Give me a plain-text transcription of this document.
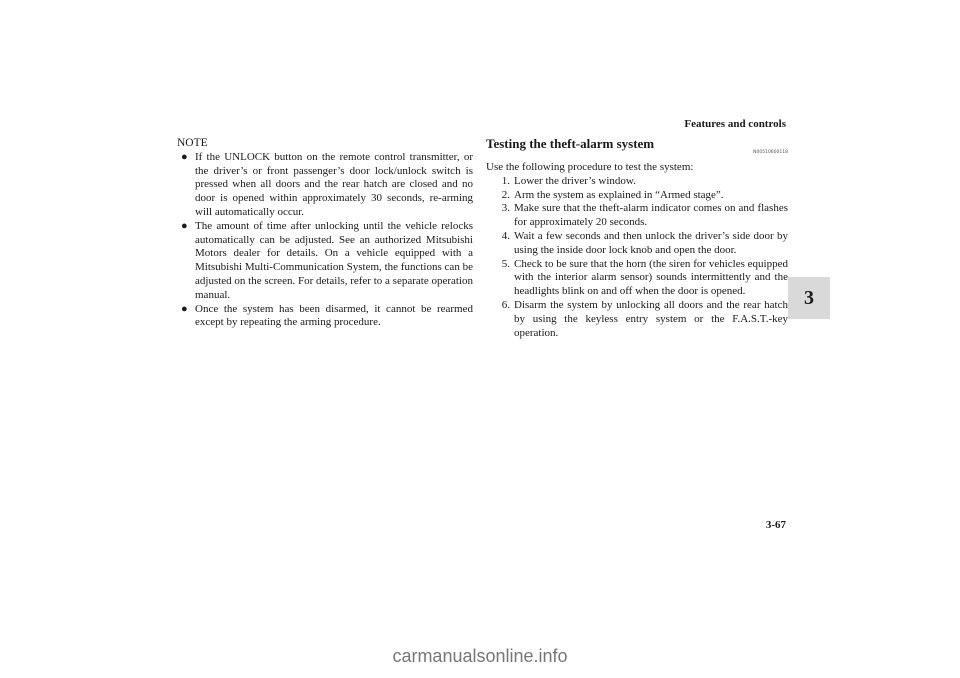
Features and controls
3
NOTE
● If the UNLOCK button on the remote control transmitter, or the driver’s or front passenger’s door lock/unlock switch is pressed when all doors and the rear hatch are closed and no door is opened within approximately 30 seconds, re-arming will automatically occur.
● The amount of time after unlocking until the vehicle relocks automatically can be adjusted. See an authorized Mitsubishi Motors dealer for details. On a vehicle equipped with a Mitsubishi Multi-Communication System, the functions can be adjusted on the screen. For details, refer to a separate operation manual.
● Once the system has been disarmed, it cannot be rearmed except by repeating the arming procedure.
Testing the theft-alarm system
N00510600118
Use the following procedure to test the system:
1. Lower the driver’s window.
2. Arm the system as explained in “Armed stage”.
3. Make sure that the theft-alarm indicator comes on and flashes for approximately 20 seconds.
4. Wait a few seconds and then unlock the driver’s side door by using the inside door lock knob and open the door.
5. Check to be sure that the horn (the siren for vehicles equipped with the interior alarm sensor) sounds intermittently and the headlights blink on and off when the door is opened.
6. Disarm the system by unlocking all doors and the rear hatch by using the keyless entry system or the F.A.S.T.-key operation.
3-67
carmanualsonline.info
